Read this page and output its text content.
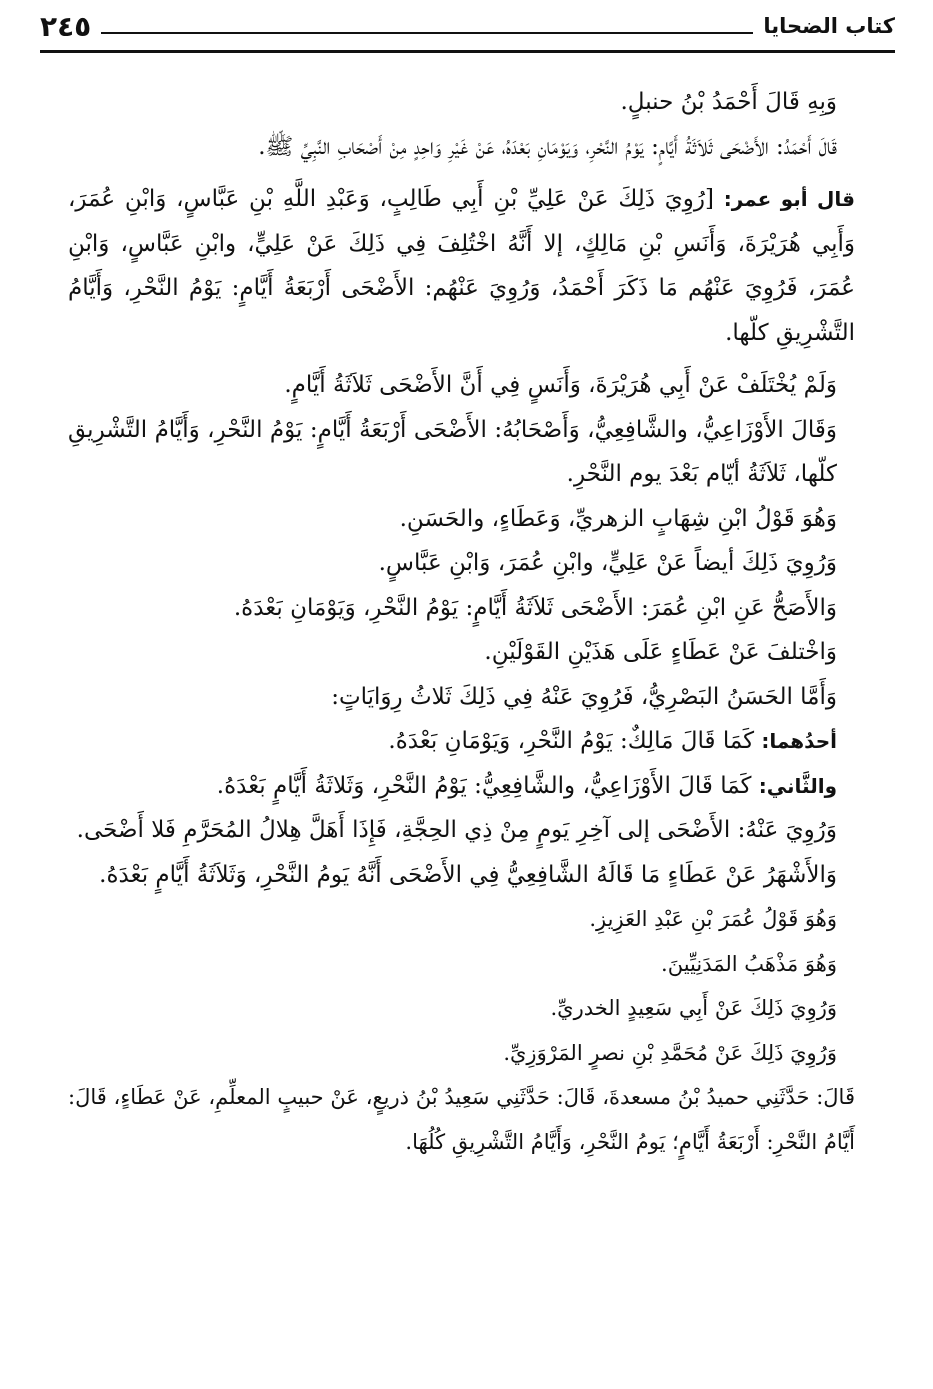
كتاب الضحايا
٢٤٥

وَبِهِ قَالَ أَحْمَدُ بْنُ حنبلٍ.

قَالَ أَحْمَدُ: الأَضْحَى ثَلاَثَةُ أَيَّامٍ: يَوْمُ النَّحْرِ، وَيَوْمَانِ بَعْدَهُ، عَنْ غَيْرِ وَاحِدٍ مِنْ أَصْحَابِ النَّبِيِّ ﷺ.

قال أبو عمر: [رُوِيَ ذَلِكَ عَنْ عَلِيِّ بْنِ أَبِي طَالِبٍ، وَعَبْدِ اللَّهِ بْنِ عَبَّاسٍ، وَابْنِ عُمَرَ، وَأَبِي هُرَيْرَةَ، وَأَنَسِ بْنِ مَالِكٍ، إلا أَنَّهُ اخْتُلِفَ فِي ذَلِكَ عَنْ عَلِيٍّ، وابْنِ عَبَّاسٍ، وَابْنِ عُمَرَ، فَرُوِيَ عَنْهُم مَا ذَكَرَ أَحْمَدُ، وَرُوِيَ عَنْهُم: الأَضْحَى أَرْبَعَةُ أَيَّامٍ: يَوْمُ النَّحْرِ، وَأَيَّامُ التَّشْرِيقِ كلّها.

وَلَمْ يُخْتَلَفْ عَنْ أَبِي هُرَيْرَةَ، وَأَنَسٍ فِي أَنَّ الأَضْحَى ثَلاَثَةُ أَيَّامٍ.

وَقَالَ الأَوْزَاعِيُّ، والشَّافِعِيُّ، وَأَصْحَابُهُ: الأَضْحَى أَرْبَعَةُ أَيَّامٍ: يَوْمُ النَّحْرِ، وَأَيَّامُ التَّشْرِيقِ كلّها، ثَلاَثَةُ أيّام بَعْدَ يوم النَّحْرِ.

وَهُوَ قَوْلُ ابْنِ شِهَابٍ الزهريِّ، وَعَطَاءٍ، والحَسَنِ.

وَرُوِيَ ذَلِكَ أيضاً عَنْ عَلِيٍّ، وابْنِ عُمَرَ، وَابْنِ عَبَّاسٍ.

وَالأَصَحُّ عَنِ ابْنِ عُمَرَ: الأَضْحَى ثَلاَثَةُ أَيَّامٍ: يَوْمُ النَّحْرِ، وَيَوْمَانِ بَعْدَهُ.

وَاخْتلفَ عَنْ عَطَاءٍ عَلَى هَذَيْنِ القَوْلَيْنِ.

وَأَمَّا الحَسَنُ البَصْرِيُّ، فَرُوِيَ عَنْهُ فِي ذَلِكَ ثَلاثُ رِوَايَاتٍ:

أحدُهما: كَمَا قَالَ مَالِكٌ: يَوْمُ النَّحْرِ، وَيَوْمَانِ بَعْدَهُ.

والثَّاني: كَمَا قَالَ الأَوْزَاعِيُّ، والشَّافِعِيُّ: يَوْمُ النَّحْرِ، وَثَلاثَةُ أَيَّامٍ بَعْدَهُ.

وَرُوِيَ عَنْهُ: الأَضْحَى إلى آخِرِ يَومٍ مِنْ ذِي الحِجَّةِ، فَإِذَا أَهَلَّ هِلالُ المُحَرَّمِ فَلا أَضْحَى.

وَالأَشْهَرُ عَنْ عَطَاءٍ مَا قَالَهُ الشَّافِعِيُّ فِي الأَضْحَى أَنَّهُ يَومُ النَّحْرِ، وَثَلاَثَةُ أَيَّامٍ بَعْدَهُ.

وَهُوَ قَوْلُ عُمَرَ بْنِ عَبْدِ العَزِيزِ.

وَهُوَ مَذْهَبُ المَدَنِيِّينَ.

وَرُوِيَ ذَلِكَ عَنْ أَبِي سَعِيدٍ الخدريِّ.

وَرُوِيَ ذَلِكَ عَنْ مُحَمَّدِ بْنِ نصرٍ المَرْوَزِيِّ.

قَالَ: حَدَّثَنِي حميدُ بْنُ مسعدةَ، قَالَ: حَدَّثَنِي سَعِيدُ بْنُ ذريعٍ، عَنْ حبيبٍ المعلِّمِ، عَنْ عَطَاءٍ، قَالَ: أَيَّامُ النَّحْرِ: أَرْبَعَةُ أَيَّامٍ؛ يَومُ النَّحْرِ، وَأَيَّامُ التَّشْرِيقِ كُلُهَا.
